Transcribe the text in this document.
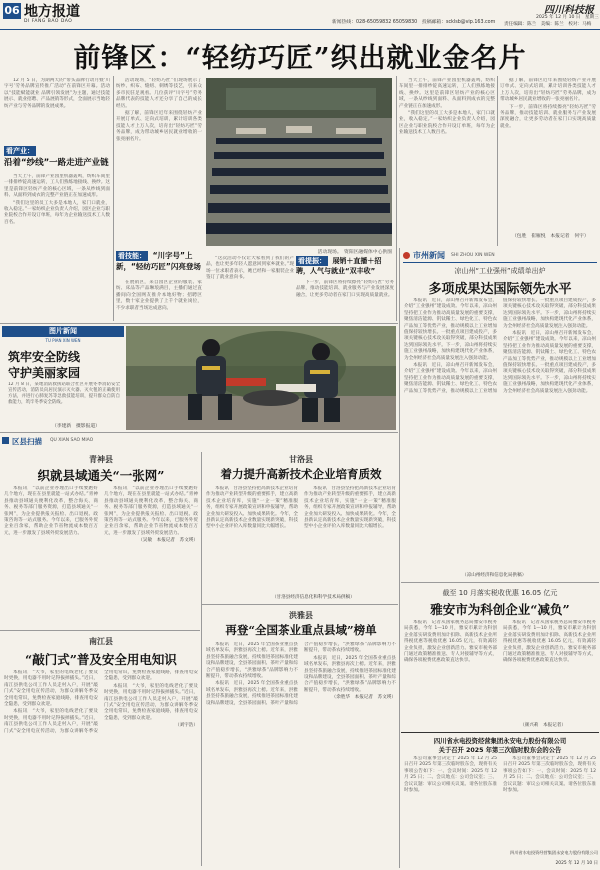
06 地方报道
DI FANG BAO DAO	新闻热线：028-65059832 65059830　投稿邮箱：scklsb@vip.163.com
四川科技报
2025 年 12 月 10 日　星期三
责任编辑：陈兰　美编：陈兰　校对：马梅
前锋区：“轻纺巧匠”织出就业金名片

12 月 5 日，为期两天的“带头品牌行动月暨‘川字号’劳务品牌宣传推广活动”在前锋区开幕。活动以“技能赋能就业 品牌引领发展”为主题，通过技能展示、就业招聘、产品展销等形式，全面展示当地轻纺产业与劳务品牌的发展成果。

看产业：
沿着“纱线”一路走进产业链

当天上午，前锋产业园里机器轰鸣，纺织车间里一排排纱锭高速运转，工人们熟练地接线、换纱。这里是前锋区轻纺产业的核心区域，一条从纱线到面料、从面料到成衣的完整产业链正在加速成形。

“我们这里的员工大多是本地人，家门口就业，收入稳定。”一家纺织企业负责人介绍，园区企业与职业院校合作开设订单班，每年为企业输送技术工人数百名。

活动现场，“轻纺巧匠”们现场展示了纺纱、织布、缝纫、刺绣等技艺，引来众多市民驻足观看。几位获评“川字号”劳务品牌代表的技能人才还分享了自己的成长经历。

据了解，前锋区近年来围绕轻纺产业开展订单式、定向式培训，累计培训各类技能人才上万人次，培育出“轻纺巧匠”劳务品牌，成为带动城乡居民就业增收的一张亮丽名片。

看技能： “川字号”上新，“轻纺巧匠”闪亮登场

在展销区，来自园区企业的服装、家纺、床品等产品琳琅满目，主播们通过直播间向全国网友推介本地好物；招聘区里，数十家企业提供了上千个就业岗位，不少求职者当场达成意向。

活动现场。　资阳区融媒体中心供图

“这次活动不仅让大家看到了我们的产品，也让更多年轻人愿意回到家乡就业。”现场一位求职者表示，她已经和一家服装企业签订了就业意向书。

看提振： 展销＋直播＋招聘，人气与就业“双丰收”

下一步，前锋区将持续擦亮“轻纺巧匠”劳务品牌，推动技能培训、就业服务与产业发展深度融合，让更多劳动者在家门口实现高质量就业。

当天上午，前锋产业园里机器轰鸣，纺织车间里一排排纱锭高速运转，工人们熟练地接线、换纱。这里是前锋区轻纺产业的核心区域，一条从纱线到面料、从面料到成衣的完整产业链正在加速成形。

“我们这里的员工大多是本地人，家门口就业，收入稳定。”一家纺织企业负责人介绍，园区企业与职业院校合作开设订单班，每年为企业输送技术工人数百名。

据了解，前锋区近年来围绕轻纺产业开展订单式、定向式培训，累计培训各类技能人才上万人次，培育出“轻纺巧匠”劳务品牌，成为带动城乡居民就业增收的一张亮丽名片。

下一步，前锋区将持续擦亮“轻纺巧匠”劳务品牌，推动技能培训、就业服务与产业发展深度融合，让更多劳动者在家门口实现高质量就业。

（包胜　崔雁悦　本报记者　何宇）
图片新闻
TU PIAN XIN WEN
筑牢安全防线
守护美丽家园
12 月 8 日，某地消防救援站联合社区开展冬季消防安全宣传活动，消防员向居民演示灭火器、灭火毯的正确使用方法，并进行心肺复苏等急救技能培训，提升群众自防自救能力，筑牢冬季安全防线。
（李建新　摄影报道）
区县扫描 QU XIAN SAO MIAO
青神县
织就县域通关“一张网”

本报讯　“以前企业办理出口手续要跑好几个地方，现在在县里就能一站式办结。”青神县推动县域通关便利化改革，整合海关、商务、税务等部门服务资源，打造县域通关“一张网”，为企业提供报关报检、出口退税、政策咨询等一站式服务。今年以来，已服务外贸企业百余家，帮助企业节省物流成本数百万元，进一步激发了县域外贸发展活力。

本报讯　“以前企业办理出口手续要跑好几个地方，现在在县里就能一站式办结。”青神县推动县域通关便利化改革，整合海关、商务、税务等部门服务资源，打造县域通关“一张网”，为企业提供报关报检、出口退税、政策咨询等一站式服务。今年以来，已服务外贸企业百余家，帮助企业节省物流成本数百万元，进一步激发了县域外贸发展活力。

（吴敏　本报记者　苏文瑛）

甘洛县
着力提升高新技术企业培育质效

本报讯　甘洛县坚持把高新技术企业培育作为推动产业转型升级的重要抓手，建立高新技术企业培育库，实施“一企一策”精准服务，组织专家开展政策宣讲和申报辅导，帮助企业加大研发投入、加快成果转化。今年，全县新认定高新技术企业数量实现新突破，科技型中小企业评价入库数量同比大幅增长。

本报讯　甘洛县坚持把高新技术企业培育作为推动产业转型升级的重要抓手，建立高新技术企业培育库，实施“一企一策”精准服务，组织专家开展政策宣讲和申报辅导，帮助企业加大研发投入、加快成果转化。今年，全县新认定高新技术企业数量实现新突破，科技型中小企业评价入库数量同比大幅增长。

（甘洛县经济信息化和科学技术局供稿）
洪雅县
再登“全国茶业重点县域”榜单

本报讯　近日，2025 年全国茶业重点县域名单发布，洪雅县再次上榜。近年来，洪雅县坚持茶旅融合发展，持续推进茶园标准化建设和品牌建设，全县茶园面积、茶叶产量和综合产值稳步增长，“洪雅绿茶”品牌影响力不断提升，带动茶农持续增收。

本报讯　近日，2025 年全国茶业重点县域名单发布，洪雅县再次上榜。近年来，洪雅县坚持茶旅融合发展，持续推进茶园标准化建设和品牌建设，全县茶园面积、茶叶产量和综合产值稳步增长，“洪雅绿茶”品牌影响力不断提升，带动茶农持续增收。

本报讯　近日，2025 年全国茶业重点县域名单发布，洪雅县再次上榜。近年来，洪雅县坚持茶旅融合发展，持续推进茶园标准化建设和品牌建设，全县茶园面积、茶叶产量和综合产值稳步增长，“洪雅绿茶”品牌影响力不断提升，带动茶农持续增收。

（余胜华　本报记者　苏文瑛）

南江县
“敲门式”普及安全用电知识

本报讯　“大爷，家里的电线老化了要及时更换，用电器不用时记得拔掉插头。”近日，南江县供电公司工作人员走村入户，开展“敲门式”安全用电宣传活动，为群众讲解冬季安全用电常识，免费检查家庭线路，排查用电安全隐患，受到群众欢迎。

本报讯　“大爷，家里的电线老化了要及时更换，用电器不用时记得拔掉插头。”近日，南江县供电公司工作人员走村入户，开展“敲门式”安全用电宣传活动，为群众讲解冬季安全用电常识，免费检查家庭线路，排查用电安全隐患，受到群众欢迎。

本报讯　“大爷，家里的电线老化了要及时更换，用电器不用时记得拔掉插头。”近日，南江县供电公司工作人员走村入户，开展“敲门式”安全用电宣传活动，为群众讲解冬季安全用电常识，免费检查家庭线路，排查用电安全隐患，受到群众欢迎。

（刘宇浩）

市州新闻 SHI ZHOU XIN WEN
凉山州“工业强州”成绩单出炉
多项成果达国际领先水平

本报讯　近日，凉山州召开新闻发布会，介绍“工业强州”建设成效。今年以来，凉山州坚持把工业作为推动高质量发展的重要支撑，聚焦清洁能源、钒钛稀土、绿色化工、特色农产品加工等优势产业，推动规模以上工业增加值保持较快增长。一批重点项目建成投产，多项关键核心技术攻关取得突破，部分科技成果达到国际领先水平。下一步，凉山州将持续实施工业强州战略，加快构建现代化产业体系，为全州经济社会高质量发展注入强劲动能。

本报讯　近日，凉山州召开新闻发布会，介绍“工业强州”建设成效。今年以来，凉山州坚持把工业作为推动高质量发展的重要支撑，聚焦清洁能源、钒钛稀土、绿色化工、特色农产品加工等优势产业，推动规模以上工业增加值保持较快增长。一批重点项目建成投产，多项关键核心技术攻关取得突破，部分科技成果达到国际领先水平。下一步，凉山州将持续实施工业强州战略，加快构建现代化产业体系，为全州经济社会高质量发展注入强劲动能。

本报讯　近日，凉山州召开新闻发布会，介绍“工业强州”建设成效。今年以来，凉山州坚持把工业作为推动高质量发展的重要支撑，聚焦清洁能源、钒钛稀土、绿色化工、特色农产品加工等优势产业，推动规模以上工业增加值保持较快增长。一批重点项目建成投产，多项关键核心技术攻关取得突破，部分科技成果达到国际领先水平。下一步，凉山州将持续实施工业强州战略，加快构建现代化产业体系，为全州经济社会高质量发展注入强劲动能。

（凉山州经济和信息化局供稿）
截至 10 月落实税收优惠 16.05 亿元
雅安市为科创企业“减负”

本报讯　记者从国家税务总局雅安市税务局获悉，今年 1—10 月，雅安市累计为科创企业落实研发费用加计扣除、高新技术企业所得税优惠等税收优惠 16.05 亿元，有效减轻企业负担，激发企业创新活力。雅安市税务部门通过政策精准推送、专人对接辅导等方式，确保各项税费优惠政策直达快享。

本报讯　记者从国家税务总局雅安市税务局获悉，今年 1—10 月，雅安市累计为科创企业落实研发费用加计扣除、高新技术企业所得税优惠等税收优惠 16.05 亿元，有效减轻企业负担，激发企业创新活力。雅安市税务部门通过政策精准推送、专人对接辅导等方式，确保各项税费优惠政策直达快享。

（颜兴莉　本报记者）
四川省水电投资经营集团永安电力股份有限公司
关于召开 2025 年第三次临时股东会的公告

本公司董事会决定于 2025 年 12 月 25 日召开 2025 年第三次临时股东会，现将有关事项公告如下：一、会议时间：2025 年 12 月 25 日；二、会议地点：公司会议室；三、会议议题：审议公司相关议案。请各位股东准时参加。

本公司董事会决定于 2025 年 12 月 25 日召开 2025 年第三次临时股东会，现将有关事项公告如下：一、会议时间：2025 年 12 月 25 日；二、会议地点：公司会议室；三、会议议题：审议公司相关议案。请各位股东准时参加。

四川省水电投资经营集团永安电力股份有限公司
2025 年 12 月 10 日
